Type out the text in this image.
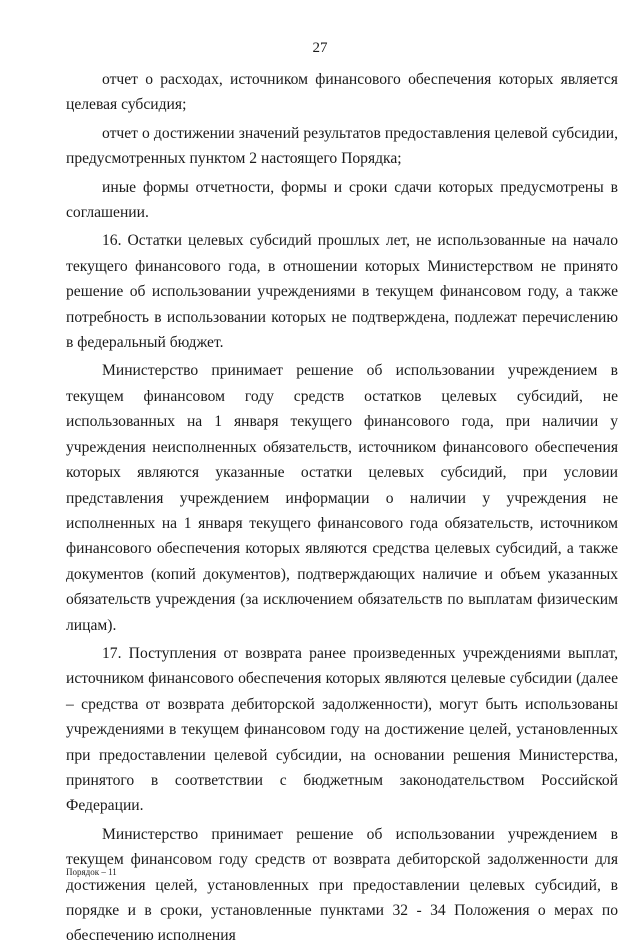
27

отчет о расходах, источником финансового обеспечения которых является целевая субсидия;

отчет о достижении значений результатов предоставления целевой субсидии, предусмотренных пунктом 2 настоящего Порядка;

иные формы отчетности, формы и сроки сдачи которых предусмотрены в соглашении.

16. Остатки целевых субсидий прошлых лет, не использованные на начало текущего финансового года, в отношении которых Министерством не принято решение об использовании учреждениями в текущем финансовом году, а также потребность в использовании которых не подтверждена, подлежат перечислению в федеральный бюджет.

Министерство принимает решение об использовании учреждением в текущем финансовом году средств остатков целевых субсидий, не использованных на 1 января текущего финансового года, при наличии у учреждения неисполненных обязательств, источником финансового обеспечения которых являются указанные остатки целевых субсидий, при условии представления учреждением информации о наличии у учреждения не исполненных на 1 января текущего финансового года обязательств, источником финансового обеспечения которых являются средства целевых субсидий, а также документов (копий документов), подтверждающих наличие и объем указанных обязательств учреждения (за исключением обязательств по выплатам физическим лицам).

17. Поступления от возврата ранее произведенных учреждениями выплат, источником финансового обеспечения которых являются целевые субсидии (далее – средства от возврата дебиторской задолженности), могут быть использованы учреждениями в текущем финансовом году на достижение целей, установленных при предоставлении целевой субсидии, на основании решения Министерства, принятого в соответствии с бюджетным законодательством Российской Федерации.

Министерство принимает решение об использовании учреждением в текущем финансовом году средств от возврата дебиторской задолженности для достижения целей, установленных при предоставлении целевых субсидий, в порядке и в сроки, установленные пунктами 32 - 34 Положения о мерах по обеспечению исполнения

Порядок – 11
